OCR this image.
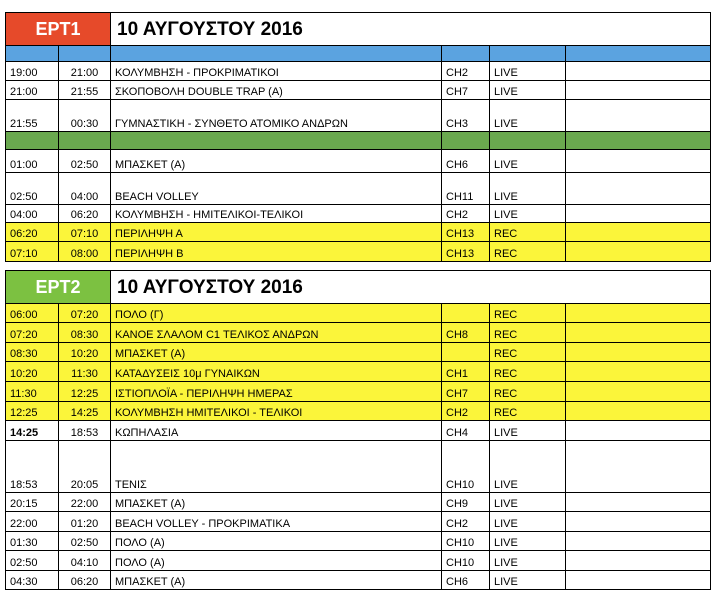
ΕΡΤ1		10 ΑΥΓΟΥΣΤΟΥ 2016			

19:00	21:00	ΚΟΛΥΜΒΗΣΗ - ΠΡΟΚΡΙΜΑΤΙΚΟΙ	CH2	LIVE	
21:00	21:55	ΣΚΟΠΟΒΟΛΗ DOUBLE TRAP (A)	CH7	LIVE	
21:55	00:30	ΓΥΜΝΑΣΤΙΚΗ - ΣΥΝΘΕΤΟ ΑΤΟΜΙΚΟ ΑΝΔΡΩΝ	CH3	LIVE	

01:00	02:50	ΜΠΑΣΚΕΤ (Α)	CH6	LIVE	
02:50	04:00	BEACH VOLLEY	CH11	LIVE	
04:00	06:20	ΚΟΛΥΜΒΗΣΗ - ΗΜΙΤΕΛΙΚΟΙ-ΤΕΛΙΚΟΙ	CH2	LIVE	
06:20	07:10	ΠΕΡΙΛΗΨΗ Α	CH13	REC	
07:10	08:00	ΠΕΡΙΛΗΨΗ Β	CH13	REC	
ΕΡΤ2		10 ΑΥΓΟΥΣΤΟΥ 2016			
06:00	07:20	ΠΟΛΟ (Γ)		REC	
07:20	08:30	ΚΑΝΟΕ ΣΛΑΛΟΜ C1 ΤΕΛΙΚΟΣ ΑΝΔΡΩΝ	CH8	REC	
08:30	10:20	ΜΠΑΣΚΕΤ (Α)		REC	
10:20	11:30	ΚΑΤΑΔΥΣΕΙΣ 10μ ΓΥΝΑΙΚΩΝ	CH1	REC	
11:30	12:25	ΙΣΤΙΟΠΛΟΪΑ - ΠΕΡΙΛΗΨΗ ΗΜΕΡΑΣ	CH7	REC	
12:25	14:25	ΚΟΛΥΜΒΗΣΗ ΗΜΙΤΕΛΙΚΟΙ - ΤΕΛΙΚΟΙ	CH2	REC	
14:25	18:53	ΚΩΠΗΛΑΣΙΑ	CH4	LIVE	
18:53	20:05	ΤΕΝΙΣ	CH10	LIVE	
20:15	22:00	ΜΠΑΣΚΕΤ (Α)	CH9	LIVE	
22:00	01:20	BEACH VOLLEY - ΠΡΟΚΡΙΜΑΤΙΚΑ	CH2	LIVE	
01:30	02:50	ΠΟΛΟ (Α)	CH10	LIVE	
02:50	04:10	ΠΟΛΟ (Α)	CH10	LIVE	
04:30	06:20	ΜΠΑΣΚΕΤ (Α)	CH6	LIVE	
